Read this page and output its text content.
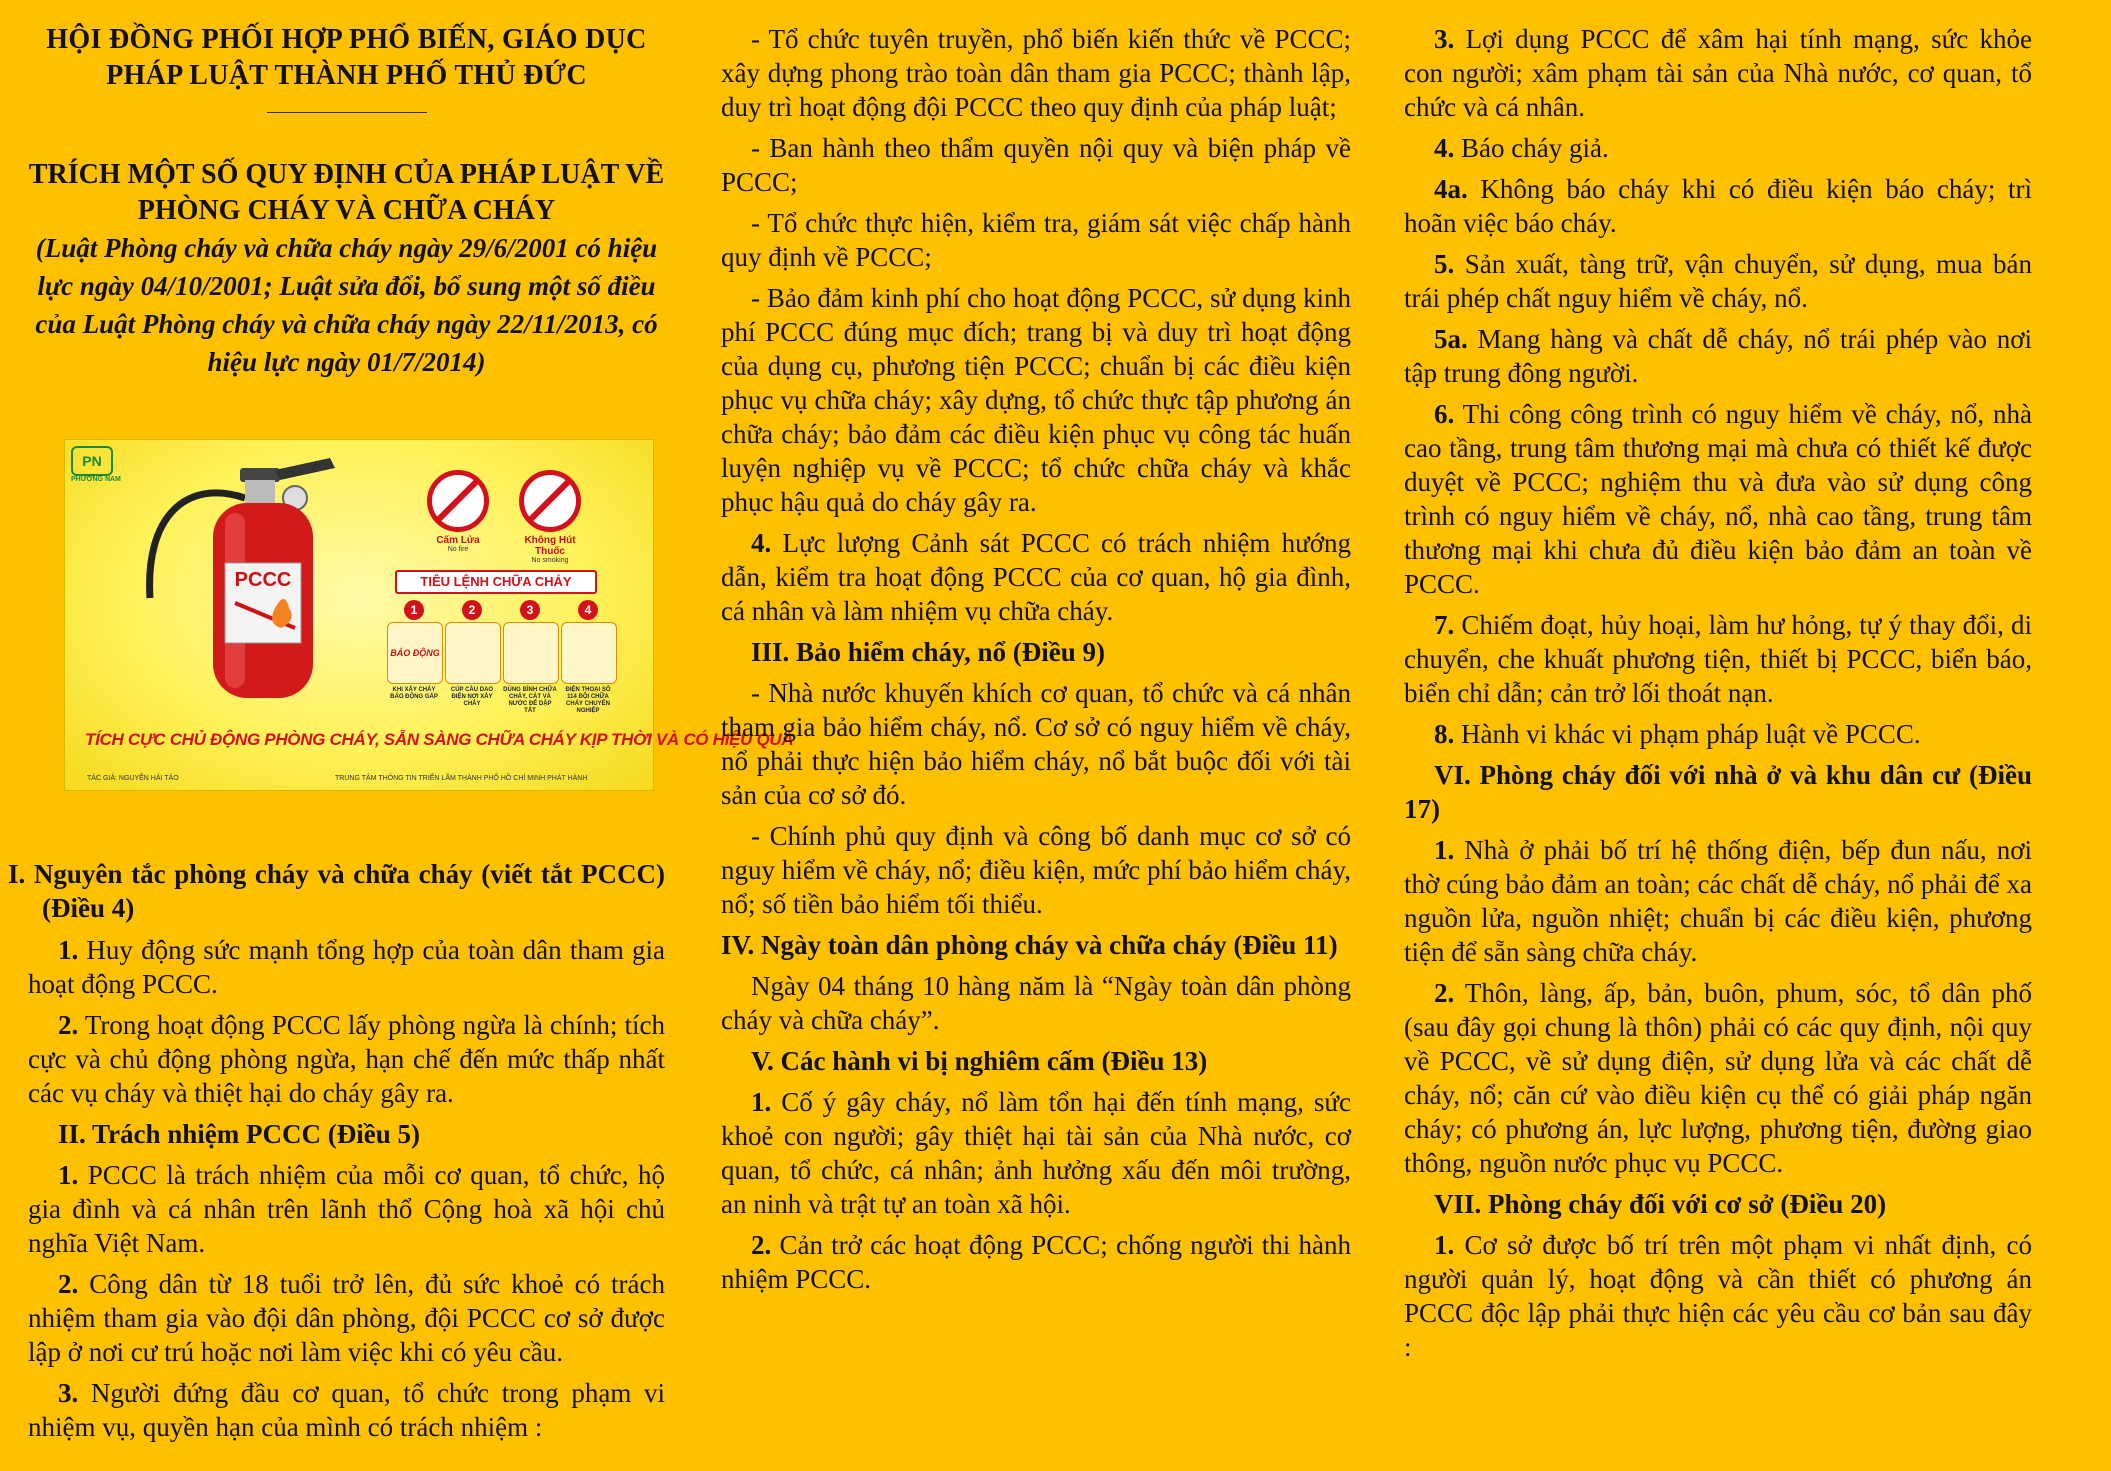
HỘI ĐỒNG PHỐI HỢP PHỔ BIẾN, GIÁO DỤC PHÁP LUẬT THÀNH PHỐ THỦ ĐỨC
TRÍCH MỘT SỐ QUY ĐỊNH CỦA PHÁP LUẬT VỀ PHÒNG CHÁY VÀ CHỮA CHÁY
(Luật Phòng cháy và chữa cháy ngày 29/6/2001 có hiệu lực ngày 04/10/2001; Luật sửa đổi, bổ sung một số điều của Luật Phòng cháy và chữa cháy ngày 22/11/2013, có hiệu lực ngày 01/7/2014)
PN
PHƯƠNG NAM
PCCC
Cấm Lửa
No fire
Không Hút Thuốc
No smoking
TIÊU LỆNH CHỮA CHÁY
1
BÁO ĐỘNG
KHI XẢY CHÁY BÁO ĐỘNG GẤP
2
CÚP CẦU DAO ĐIỆN NƠI XẢY CHÁY
3
DÙNG BÌNH CHỮA CHÁY, CÁT VÀ NƯỚC ĐỂ DẬP TẮT
4
ĐIỆN THOẠI SỐ 114 ĐỘI CHỮA CHÁY CHUYÊN NGHIỆP
TÍCH CỰC CHỦ ĐỘNG PHÒNG CHÁY, SẴN SÀNG CHỮA CHÁY KỊP THỜI VÀ CÓ HIỆU QUẢ
TÁC GIẢ: NGUYỄN HẢI TẢO	TRUNG TÂM THÔNG TIN TRIỂN LÃM THÀNH PHỐ HỒ CHÍ MINH PHÁT HÀNH
I. Nguyên tắc phòng cháy và chữa cháy (viết tắt PCCC) (Điều 4)
1. Huy động sức mạnh tổng hợp của toàn dân tham gia hoạt động PCCC.
2. Trong hoạt động PCCC lấy phòng ngừa là chính; tích cực và chủ động phòng ngừa, hạn chế đến mức thấp nhất các vụ cháy và thiệt hại do cháy gây ra.
II. Trách nhiệm PCCC (Điều 5)
1. PCCC là trách nhiệm của mỗi cơ quan, tổ chức, hộ gia đình và cá nhân trên lãnh thổ Cộng hoà xã hội chủ nghĩa Việt Nam.
2. Công dân từ 18 tuổi trở lên, đủ sức khoẻ có trách nhiệm tham gia vào đội dân phòng, đội PCCC cơ sở được lập ở nơi cư trú hoặc nơi làm việc khi có yêu cầu.
3. Người đứng đầu cơ quan, tổ chức trong phạm vi nhiệm vụ, quyền hạn của mình có trách nhiệm :
- Tổ chức tuyên truyền, phổ biến kiến thức về PCCC; xây dựng phong trào toàn dân tham gia PCCC; thành lập, duy trì hoạt động đội PCCC theo quy định của pháp luật;
- Ban hành theo thẩm quyền nội quy và biện pháp về PCCC;
- Tổ chức thực hiện, kiểm tra, giám sát việc chấp hành quy định về PCCC;
- Bảo đảm kinh phí cho hoạt động PCCC, sử dụng kinh phí PCCC đúng mục đích; trang bị và duy trì hoạt động của dụng cụ, phương tiện PCCC; chuẩn bị các điều kiện phục vụ chữa cháy; xây dựng, tổ chức thực tập phương án chữa cháy; bảo đảm các điều kiện phục vụ công tác huấn luyện nghiệp vụ về PCCC; tổ chức chữa cháy và khắc phục hậu quả do cháy gây ra.
4. Lực lượng Cảnh sát PCCC có trách nhiệm hướng dẫn, kiểm tra hoạt động PCCC của cơ quan, hộ gia đình, cá nhân và làm nhiệm vụ chữa cháy.
III. Bảo hiểm cháy, nổ (Điều 9)
- Nhà nước khuyến khích cơ quan, tổ chức và cá nhân tham gia bảo hiểm cháy, nổ. Cơ sở có nguy hiểm về cháy, nổ phải thực hiện bảo hiểm cháy, nổ bắt buộc đối với tài sản của cơ sở đó.
- Chính phủ quy định và công bố danh mục cơ sở có nguy hiểm về cháy, nổ; điều kiện, mức phí bảo hiểm cháy, nổ; số tiền bảo hiểm tối thiểu.
IV. Ngày toàn dân phòng cháy và chữa cháy (Điều 11)
Ngày 04 tháng 10 hàng năm là “Ngày toàn dân phòng cháy và chữa cháy”.
V. Các hành vi bị nghiêm cấm (Điều 13)
1. Cố ý gây cháy, nổ làm tổn hại đến tính mạng, sức khoẻ con người; gây thiệt hại tài sản của Nhà nước, cơ quan, tổ chức, cá nhân; ảnh hưởng xấu đến môi trường, an ninh và trật tự an toàn xã hội.
2. Cản trở các hoạt động PCCC; chống người thi hành nhiệm PCCC.
3. Lợi dụng PCCC để xâm hại tính mạng, sức khỏe con người; xâm phạm tài sản của Nhà nước, cơ quan, tổ chức và cá nhân.
4. Báo cháy giả.
4a. Không báo cháy khi có điều kiện báo cháy; trì hoãn việc báo cháy.
5. Sản xuất, tàng trữ, vận chuyển, sử dụng, mua bán trái phép chất nguy hiểm về cháy, nổ.
5a. Mang hàng và chất dễ cháy, nổ trái phép vào nơi tập trung đông người.
6. Thi công công trình có nguy hiểm về cháy, nổ, nhà cao tầng, trung tâm thương mại mà chưa có thiết kế được duyệt về PCCC; nghiệm thu và đưa vào sử dụng công trình có nguy hiểm về cháy, nổ, nhà cao tầng, trung tâm thương mại khi chưa đủ điều kiện bảo đảm an toàn về PCCC.
7. Chiếm đoạt, hủy hoại, làm hư hỏng, tự ý thay đổi, di chuyển, che khuất phương tiện, thiết bị PCCC, biển báo, biển chỉ dẫn; cản trở lối thoát nạn.
8. Hành vi khác vi phạm pháp luật về PCCC.
VI. Phòng cháy đối với nhà ở và khu dân cư (Điều 17)
1. Nhà ở phải bố trí hệ thống điện, bếp đun nấu, nơi thờ cúng bảo đảm an toàn; các chất dễ cháy, nổ phải để xa nguồn lửa, nguồn nhiệt; chuẩn bị các điều kiện, phương tiện để sẵn sàng chữa cháy.
2. Thôn, làng, ấp, bản, buôn, phum, sóc, tổ dân phố (sau đây gọi chung là thôn) phải có các quy định, nội quy về PCCC, về sử dụng điện, sử dụng lửa và các chất dễ cháy, nổ; căn cứ vào điều kiện cụ thể có giải pháp ngăn cháy; có phương án, lực lượng, phương tiện, đường giao thông, nguồn nước phục vụ PCCC.
VII. Phòng cháy đối với cơ sở (Điều 20)
1. Cơ sở được bố trí trên một phạm vi nhất định, có người quản lý, hoạt động và cần thiết có phương án PCCC độc lập phải thực hiện các yêu cầu cơ bản sau đây :
